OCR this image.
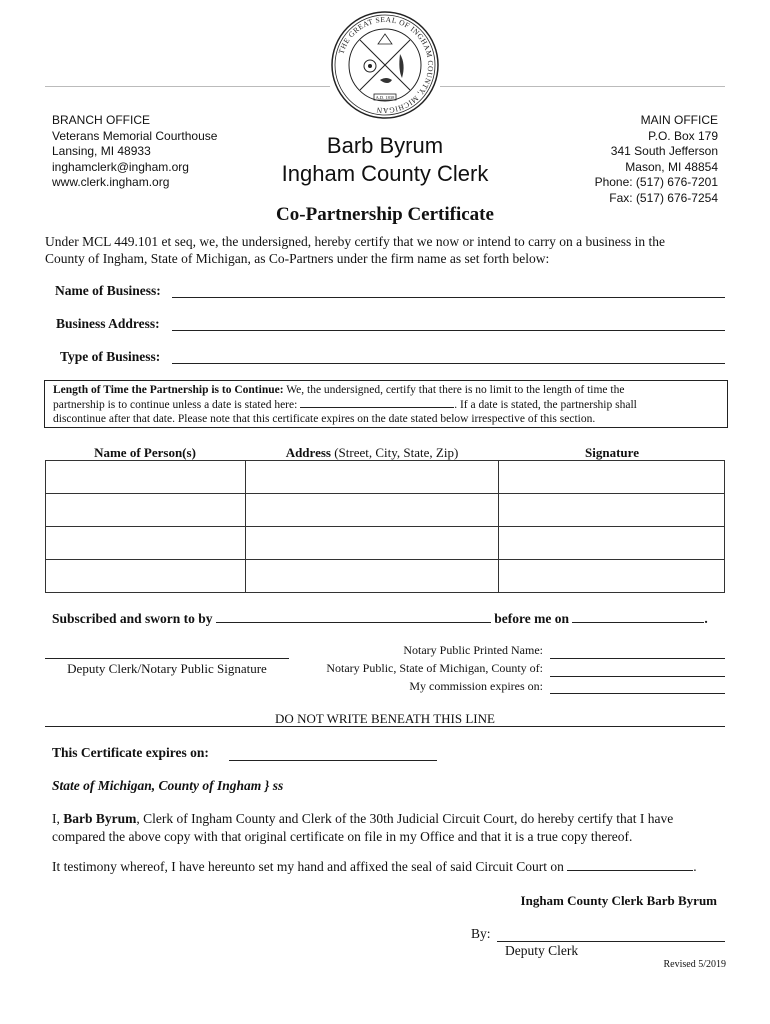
THE GREAT SEAL OF INGHAM COUNTY, MICHIGAN
A.D. 1838
BRANCH OFFICE
Veterans Memorial Courthouse
Lansing, MI 48933
inghamclerk@ingham.org
www.clerk.ingham.org
Barb Byrum
Ingham County Clerk
MAIN OFFICE
P.O. Box 179
341 South Jefferson
Mason, MI 48854
Phone: (517) 676-7201
Fax: (517) 676-7254
Co-Partnership Certificate
Under MCL 449.101 et seq, we, the undersigned, hereby certify that we now or intend to carry on a business in the
County of Ingham, State of Michigan, as Co-Partners under the firm name as set forth below:
Name of Business:
Business Address:
Type of Business:
Length of Time the Partnership is to Continue: We, the undersigned, certify that there is no limit to the length of time the
partnership is to continue unless a date is stated here:	. If a date is stated, the partnership shall
discontinue after that date. Please note that this certificate expires on the date stated below irrespective of this section.
Name of Person(s)	Address (Street, City, State, Zip)	Signature

Subscribed and sworn to by	before me on	.
Deputy Clerk/Notary Public Signature
Notary Public Printed Name:
Notary Public, State of Michigan, County of:
My commission expires on:
DO NOT WRITE BENEATH THIS LINE
This Certificate expires on:
State of Michigan, County of Ingham } ss
I, Barb Byrum, Clerk of Ingham County and Clerk of the 30th Judicial Circuit Court, do hereby certify that I have
compared the above copy with that original certificate on file in my Office and that it is a true copy thereof.
It testimony whereof, I have hereunto set my hand and affixed the seal of said Circuit Court on	.
Ingham County Clerk Barb Byrum
By:
Deputy Clerk
Revised 5/2019
